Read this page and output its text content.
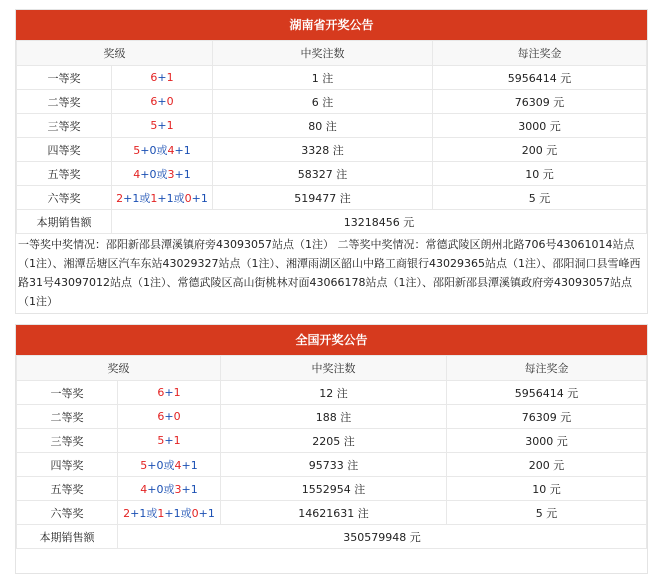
湖南省开奖公告
奖级		中奖注数	每注奖金
一等奖	6+1	1 注	5956414 元
二等奖	6+0	6 注	76309 元
三等奖	5+1	80 注	3000 元
四等奖	5+0或4+1	3328 注	200 元
五等奖	4+0或3+1	58327 注	10 元
六等奖	2+1或1+1或0+1	519477 注	5 元
本期销售额	13218456 元		
一等奖中奖情况：邵阳新邵县潭溪镇府旁43093057站点（1注） 二等奖中奖情况：常德武陵区朗州北路706号43061014站点（1注）、湘潭岳塘区汽车东站43029327站点（1注）、湘潭雨湖区韶山中路工商银行43029365站点（1注）、邵阳洞口县雪峰西路31号43097012站点（1注）、常德武陵区高山街桃林对面43066178站点（1注）、邵阳新邵县潭溪镇政府旁43093057站点（1注）
全国开奖公告
奖级		中奖注数	每注奖金
一等奖	6+1	12 注	5956414 元
二等奖	6+0	188 注	76309 元
三等奖	5+1	2205 注	3000 元
四等奖	5+0或4+1	95733 注	200 元
五等奖	4+0或3+1	1552954 注	10 元
六等奖	2+1或1+1或0+1	14621631 注	5 元
本期销售额	350579948 元		
